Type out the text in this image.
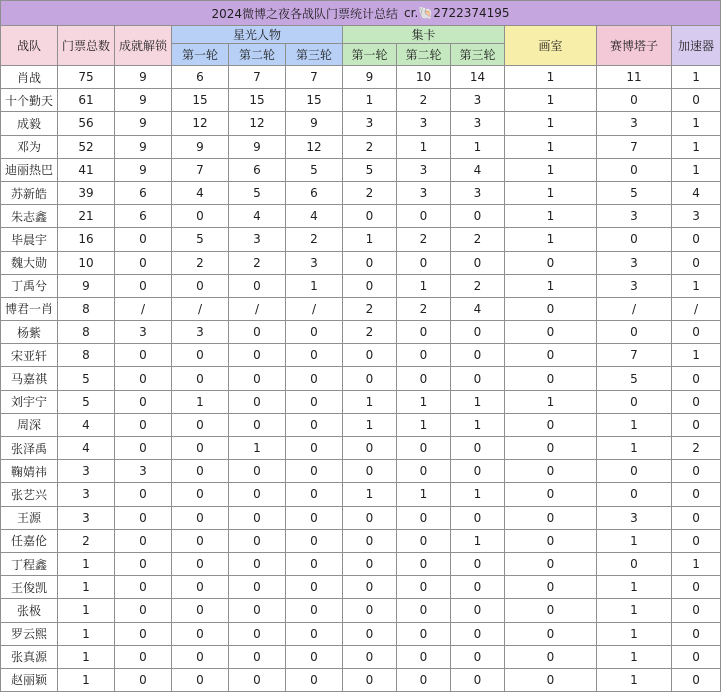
2024微博之夜各战队门票统计总结 cr.🐚2722374195											

战队	门票总数	成就解锁	星光人物			集卡			画室	赛博塔子	加速器
			第一轮	第二轮	第三轮	第一轮	第二轮	第三轮			
肖战	75	9	6	7	7	9	10	14	1	11	1
十个勤天	61	9	15	15	15	1	2	3	1	0	0
成毅	56	9	12	12	9	3	3	3	1	3	1
邓为	52	9	9	9	12	2	1	1	1	7	1
迪丽热巴	41	9	7	6	5	5	3	4	1	0	1
苏新皓	39	6	4	5	6	2	3	3	1	5	4
朱志鑫	21	6	0	4	4	0	0	0	1	3	3
毕晨宇	16	0	5	3	2	1	2	2	1	0	0
魏大勋	10	0	2	2	3	0	0	0	0	3	0
丁禹兮	9	0	0	0	1	0	1	2	1	3	1
博君一肖	8	/	/	/	/	2	2	4	0	/	/
杨紫	8	3	3	0	0	2	0	0	0	0	0
宋亚轩	8	0	0	0	0	0	0	0	0	7	1
马嘉祺	5	0	0	0	0	0	0	0	0	5	0
刘宇宁	5	0	1	0	0	1	1	1	1	0	0
周深	4	0	0	0	0	1	1	1	0	1	0
张泽禹	4	0	0	1	0	0	0	0	0	1	2
鞠婧祎	3	3	0	0	0	0	0	0	0	0	0
张艺兴	3	0	0	0	0	1	1	1	0	0	0
王源	3	0	0	0	0	0	0	0	0	3	0
任嘉伦	2	0	0	0	0	0	0	1	0	1	0
丁程鑫	1	0	0	0	0	0	0	0	0	0	1
王俊凯	1	0	0	0	0	0	0	0	0	1	0
张极	1	0	0	0	0	0	0	0	0	1	0
罗云熙	1	0	0	0	0	0	0	0	0	1	0
张真源	1	0	0	0	0	0	0	0	0	1	0
赵丽颖	1	0	0	0	0	0	0	0	0	1	0
